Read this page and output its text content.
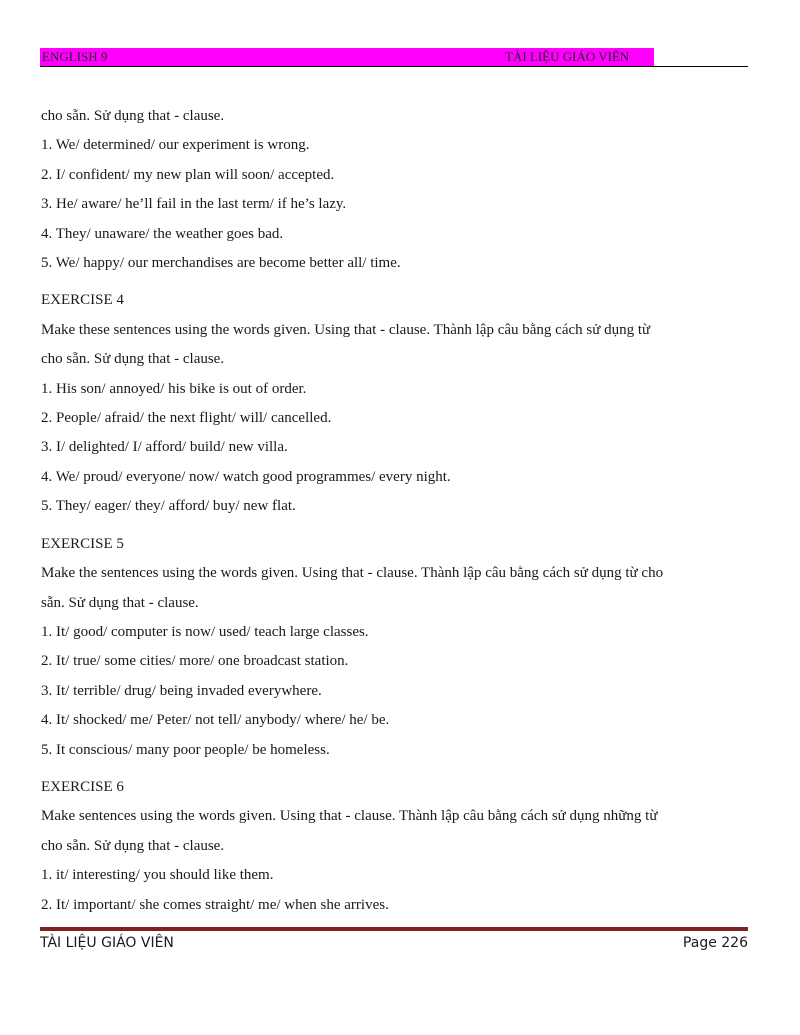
ENGLISH 9	TÀI LIỆU GIÁO VIÊN
cho sẵn. Sử dụng that - clause.
1. We/ determined/ our experiment is wrong.
2. I/ confident/ my new plan will soon/ accepted.
3. He/ aware/ he’ll fail in the last term/ if he’s lazy.
4. They/ unaware/ the weather goes bad.
5. We/ happy/ our merchandises are become better all/ time.
EXERCISE 4
Make these sentences using the words given. Using that - clause. Thành lập câu bằng cách sử dụng từ
cho sẵn. Sử dụng that - clause.
1. His son/ annoyed/ his bike is out of order.
2. People/ afraid/ the next flight/ will/ cancelled.
3. I/ delighted/ I/ afford/ build/ new villa.
4. We/ proud/ everyone/ now/ watch good programmes/ every night.
5. They/ eager/ they/ afford/ buy/ new flat.
EXERCISE 5
Make the sentences using the words given. Using that - clause. Thành lập câu bằng cách sử dụng từ cho
sẵn. Sử dụng that - clause.
1. It/ good/ computer is now/ used/ teach large classes.
2. It/ true/ some cities/ more/ one broadcast station.
3. It/ terrible/ drug/ being invaded everywhere.
4. It/ shocked/ me/ Peter/ not tell/ anybody/ where/ he/ be.
5. It conscious/ many poor people/ be homeless.
EXERCISE 6
Make sentences using the words given. Using that - clause. Thành lập câu bằng cách sử dụng những từ
cho sẵn. Sử dụng that - clause.
1. it/ interesting/ you should like them.
2. It/ important/ she comes straight/ me/ when she arrives.
TÀI LIỆU GIÁO VIÊN	Page 226
